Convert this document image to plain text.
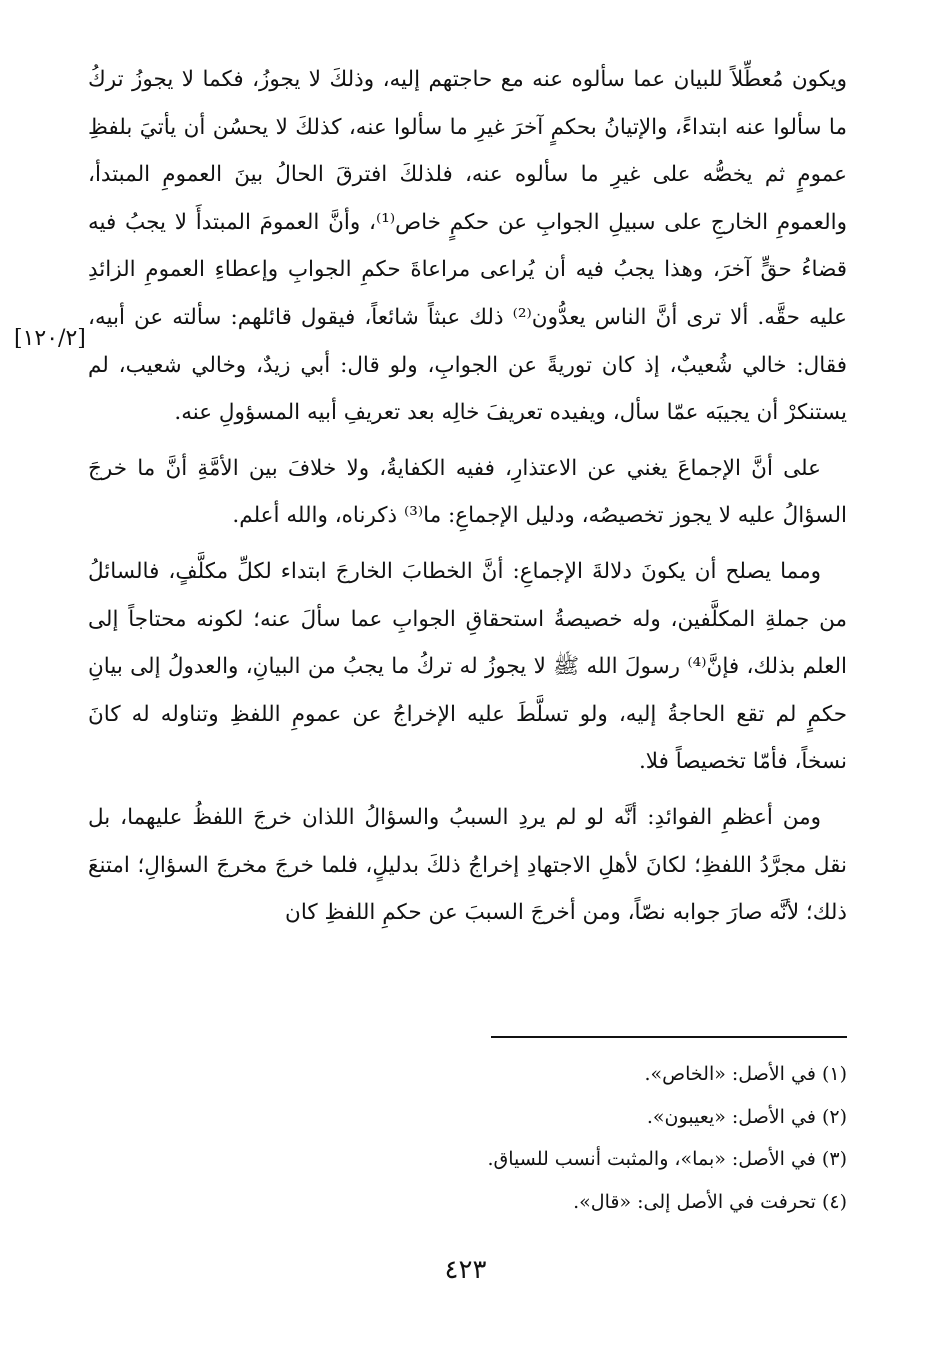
[١٢٠/٢]

ويكون مُعطِّلاً للبيان عما سألوه عنه مع حاجتهم إليه، وذلكَ لا يجوزُ، فكما لا يجوزُ تركُ ما سألوا عنه ابتداءً، والإتيانُ بحكمٍ آخرَ غيرِ ما سألوا عنه، كذلكَ لا يحسُن أن يأتيَ بلفظِ عمومٍ ثم يخصُّه على غيرِ ما سألوه عنه، فلذلكَ افترقَ الحالُ بينَ العمومِ المبتدأ، والعمومِ الخارجِ على سبيلِ الجوابِ عن حكمٍ خاص⁽¹⁾، وأنَّ العمومَ المبتدأَ لا يجبُ فيه قضاءُ حقٍّ آخرَ، وهذا يجبُ فيه أن يُراعى مراعاةَ حكمِ الجوابِ وإعطاءِ العمومِ الزائدِ عليه حقَّه. ألا ترى أنَّ الناس يعدُّون⁽²⁾ ذلك عبثاً شائعاً، فيقول قائلهم: سألته عن أبيه، فقال: خالي شُعيبٌ، إذ كان توريةً عن الجوابِ، ولو قال: أبي زيدٌ، وخالي شعيب، لم يستنكرْ أن يجيبَه عمّا سأل، ويفيده تعريفَ خالِه بعد تعريفِ أبيه المسؤولِ عنه.

على أنَّ الإجماعَ يغني عن الاعتذارِ، ففيه الكفايةُ، ولا خلافَ بين الأمَّةِ أنَّ ما خرجَ السؤالُ عليه لا يجوز تخصيصُه، ودليل الإجماعِ: ما⁽³⁾ ذكرناه، والله أعلم.

ومما يصلح أن يكونَ دلالةَ الإجماعِ: أنَّ الخطابَ الخارجَ ابتداء لكلِّ مكلَّفٍ، فالسائلُ من جملةِ المكلَّفين، وله خصيصةُ استحقاقِ الجوابِ عما سألَ عنه؛ لكونه محتاجاً إلى العلم بذلك، فإنَّ⁽⁴⁾ رسولَ الله ﷺ لا يجوزُ له تركُ ما يجبُ من البيانِ، والعدولُ إلى بيانِ حكمٍ لم تقع الحاجةُ إليه، ولو تسلَّطَ عليه الإخراجُ عن عمومِ اللفظِ وتناوله له كانَ نسخاً، فأمّا تخصيصاً فلا.

ومن أعظمِ الفوائدِ: أنَّه لو لم يردِ السببُ والسؤالُ اللذان خرجَ اللفظُ عليهما، بل نقل مجرَّدُ اللفظِ؛ لكانَ لأهلِ الاجتهادِ إخراجُ ذلكَ بدليلٍ، فلما خرجَ مخرجَ السؤالِ؛ امتنعَ ذلك؛ لأنَّه صارَ جوابه نصّاً، ومن أخرجَ السببَ عن حكمِ اللفظِ كان

(١) في الأصل: «الخاص».

(٢) في الأصل: «يعيبون».

(٣) في الأصل: «بما»، والمثبت أنسب للسياق.

(٤) تحرفت في الأصل إلى: «قال».

٤٢٣
